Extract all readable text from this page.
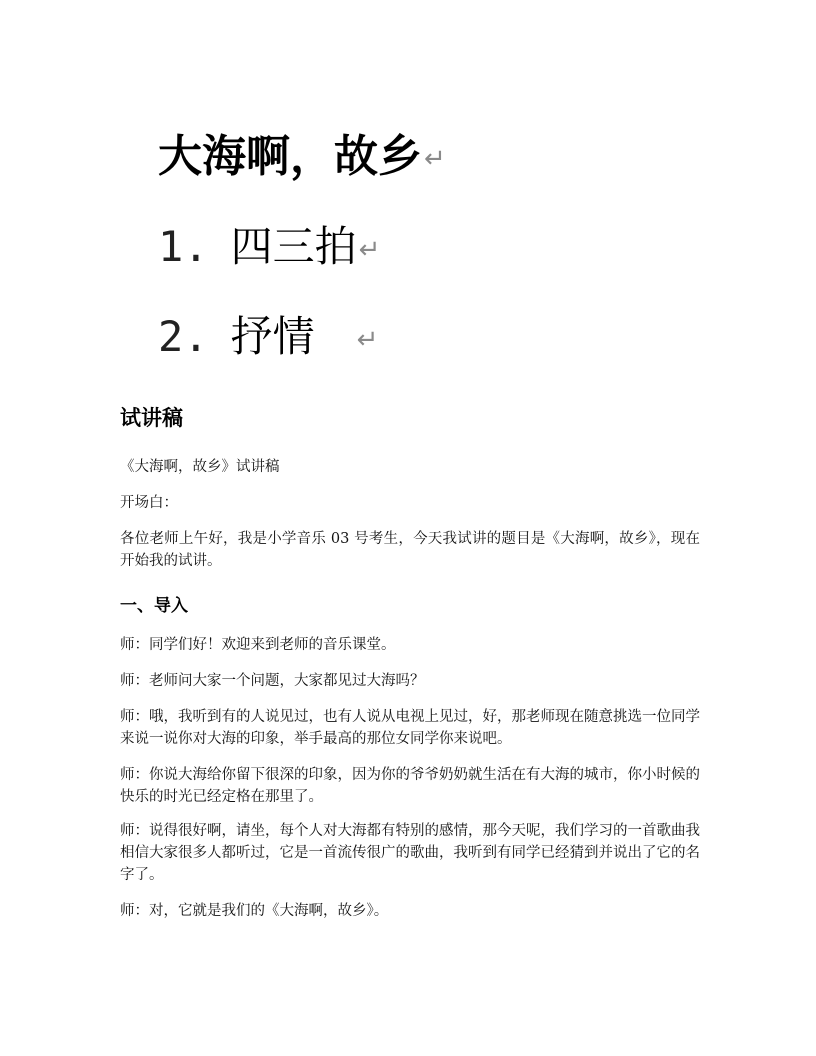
大海啊，故乡↵
1. 四三拍↵
2. 抒情 ↵
试讲稿
《大海啊，故乡》试讲稿
开场白：
各位老师上午好，我是小学音乐 03 号考生，今天我试讲的题目是《大海啊，故乡》，现在开始我的试讲。
一、导入
师：同学们好！欢迎来到老师的音乐课堂。
师：老师问大家一个问题，大家都见过大海吗？
师：哦，我听到有的人说见过，也有人说从电视上见过，好，那老师现在随意挑选一位同学来说一说你对大海的印象，举手最高的那位女同学你来说吧。
师：你说大海给你留下很深的印象，因为你的爷爷奶奶就生活在有大海的城市，你小时候的快乐的时光已经定格在那里了。
师：说得很好啊，请坐，每个人对大海都有特别的感情，那今天呢，我们学习的一首歌曲我相信大家很多人都听过，它是一首流传很广的歌曲，我听到有同学已经猜到并说出了它的名字了。
师：对，它就是我们的《大海啊，故乡》。
